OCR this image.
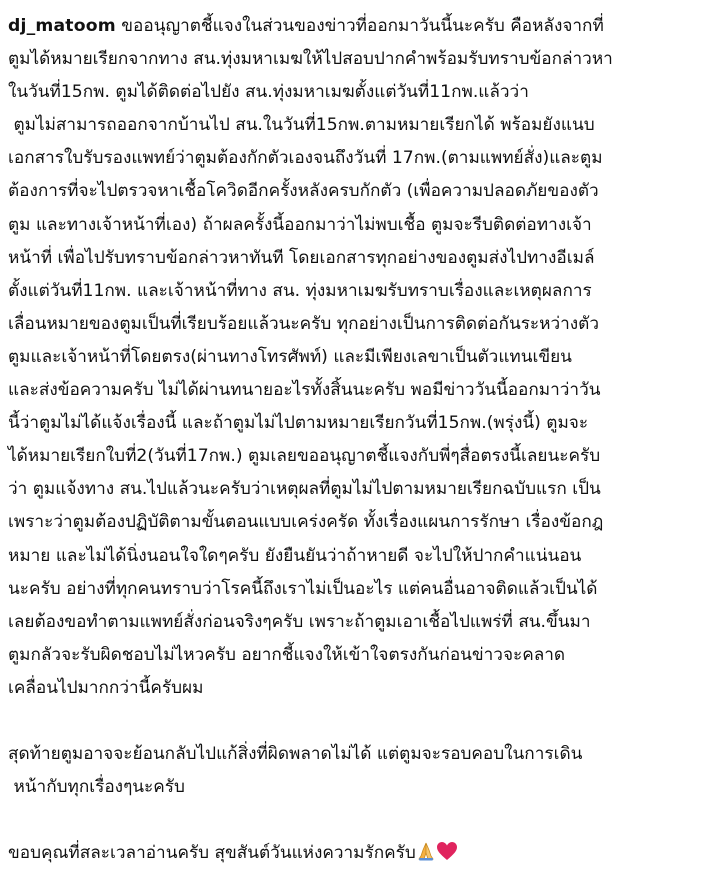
dj_matoom ขออนุญาตชี้แจงในส่วนของข่าวที่ออกมาวันนี้นะครับ คือหลังจากที่
ตูมได้หมายเรียกจากทาง สน.ทุ่งมหาเมฆให้ไปสอบปากคำพร้อมรับทราบข้อกล่าวหา
ในวันที่15กพ. ตูมได้ติดต่อไปยัง สน.ทุ่งมหาเมฆตั้งแต่วันที่11กพ.แล้วว่า
ตูมไม่สามารถออกจากบ้านไป สน.ในวันที่15กพ.ตามหมายเรียกได้ พร้อมยังแนบ
เอกสารใบรับรองแพทย์ว่าตูมต้องกักตัวเองจนถึงวันที่ 17กพ.(ตามแพทย์สั่ง)และตูม
ต้องการที่จะไปตรวจหาเชื้อโควิดอีกครั้งหลังครบกักตัว (เพื่อความปลอดภัยของตัว
ตูม และทางเจ้าหน้าที่เอง) ถ้าผลครั้งนี้ออกมาว่าไม่พบเชื้อ ตูมจะรีบติดต่อทางเจ้า
หน้าที่ เพื่อไปรับทราบข้อกล่าวหาทันที โดยเอกสารทุกอย่างของตูมส่งไปทางอีเมล์
ตั้งแต่วันที่11กพ. และเจ้าหน้าที่ทาง สน. ทุ่งมหาเมฆรับทราบเรื่องและเหตุผลการ
เลื่อนหมายของตูมเป็นที่เรียบร้อยแล้วนะครับ ทุกอย่างเป็นการติดต่อกันระหว่างตัว
ตูมและเจ้าหน้าที่โดยตรง(ผ่านทางโทรศัพท์) และมีเพียงเลขาเป็นตัวแทนเขียน
และส่งข้อความครับ ไม่ได้ผ่านทนายอะไรทั้งสิ้นนะครับ พอมีข่าววันนี้ออกมาว่าวัน
นี้ว่าตูมไม่ได้แจ้งเรื่องนี้ และถ้าตูมไม่ไปตามหมายเรียกวันที่15กพ.(พรุ่งนี้) ตูมจะ
ได้หมายเรียกใบที่2(วันที่17กพ.) ตูมเลยขออนุญาตชี้แจงกับพี่ๆสื่อตรงนี้เลยนะครับ
ว่า ตูมแจ้งทาง สน.ไปแล้วนะครับว่าเหตุผลที่ตูมไม่ไปตามหมายเรียกฉบับแรก เป็น
เพราะว่าตูมต้องปฏิบัติตามขั้นตอนแบบเคร่งครัด ทั้งเรื่องแผนการรักษา เรื่องข้อกฎ
หมาย และไม่ได้นิ่งนอนใจใดๆครับ ยังยืนยันว่าถ้าหายดี จะไปให้ปากคำแน่นอน
นะครับ อย่างที่ทุกคนทราบว่าโรคนี้ถึงเราไม่เป็นอะไร แต่คนอื่นอาจติดแล้วเป็นได้
เลยต้องขอทำตามแพทย์สั่งก่อนจริงๆครับ เพราะถ้าตูมเอาเชื้อไปแพร่ที่ สน.ขึ้นมา
ตูมกลัวจะรับผิดชอบไม่ไหวครับ อยากชี้แจงให้เข้าใจตรงกันก่อนข่าวจะคลาด
เคลื่อนไปมากกว่านี้ครับผม
สุดท้ายตูมอาจจะย้อนกลับไปแก้สิ่งที่ผิดพลาดไม่ได้ แต่ตูมจะรอบคอบในการเดิน
หน้ากับทุกเรื่องๆนะครับ
ขอบคุณที่สละเวลาอ่านครับ สุขสันต์วันแห่งความรักครับ
